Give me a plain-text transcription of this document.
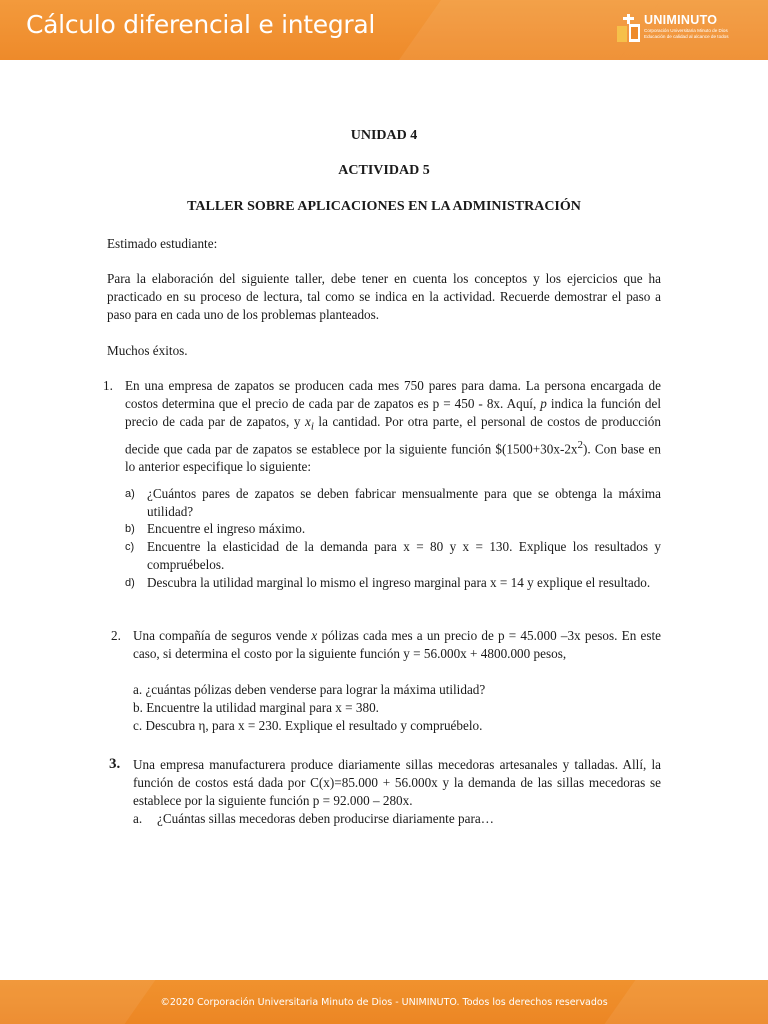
Cálculo diferencial e integral	UNIMINUTO
Corporación Universitaria Minuto de Dios
Educación de calidad al alcance de todos
UNIDAD 4
ACTIVIDAD 5
TALLER SOBRE APLICACIONES EN LA ADMINISTRACIÓN
Estimado estudiante:
Para la elaboración del siguiente taller, debe tener en cuenta los conceptos y los ejercicios que ha practicado en su proceso de lectura, tal como se indica en la actividad. Recuerde demostrar el paso a paso para en cada uno de los problemas planteados.
Muchos éxitos.
1. En una empresa de zapatos se producen cada mes 750 pares para dama. La persona encargada de costos determina que el precio de cada par de zapatos es p = 450 - 8x. Aquí, p indica la función del precio de cada par de zapatos, y $x_i$ la cantidad. Por otra parte, el personal de costos de producción decide que cada par de zapatos se establece por la siguiente función $\$(1500+30x-2x^2)$. Con base en lo anterior especifique lo siguiente:
a) ¿Cuántos pares de zapatos se deben fabricar mensualmente para que se obtenga la máxima utilidad?
b) Encuentre el ingreso máximo.
c) Encuentre la elasticidad de la demanda para x = 80 y x = 130. Explique los resultados y compruébelos.
d) Descubra la utilidad marginal lo mismo el ingreso marginal para x = 14 y explique el resultado.
2. Una compañía de seguros vende x pólizas cada mes a un precio de p = 45.000 –3x pesos. En este caso, si determina el costo por la siguiente función y = 56.000x + 4800.000 pesos,
a. ¿cuántas pólizas deben venderse para lograr la máxima utilidad?
b. Encuentre la utilidad marginal para x = 380.
c. Descubra η, para x = 230. Explique el resultado y compruébelo.
3. Una empresa manufacturera produce diariamente sillas mecedoras artesanales y talladas. Allí, la función de costos está dada por C(x)=85.000 + 56.000x y la demanda de las sillas mecedoras se establece por la siguiente función p = 92.000 – 280x.
a. ¿Cuántas sillas mecedoras deben producirse diariamente para…
©2020 Corporación Universitaria Minuto de Dios - UNIMINUTO. Todos los derechos reservados
